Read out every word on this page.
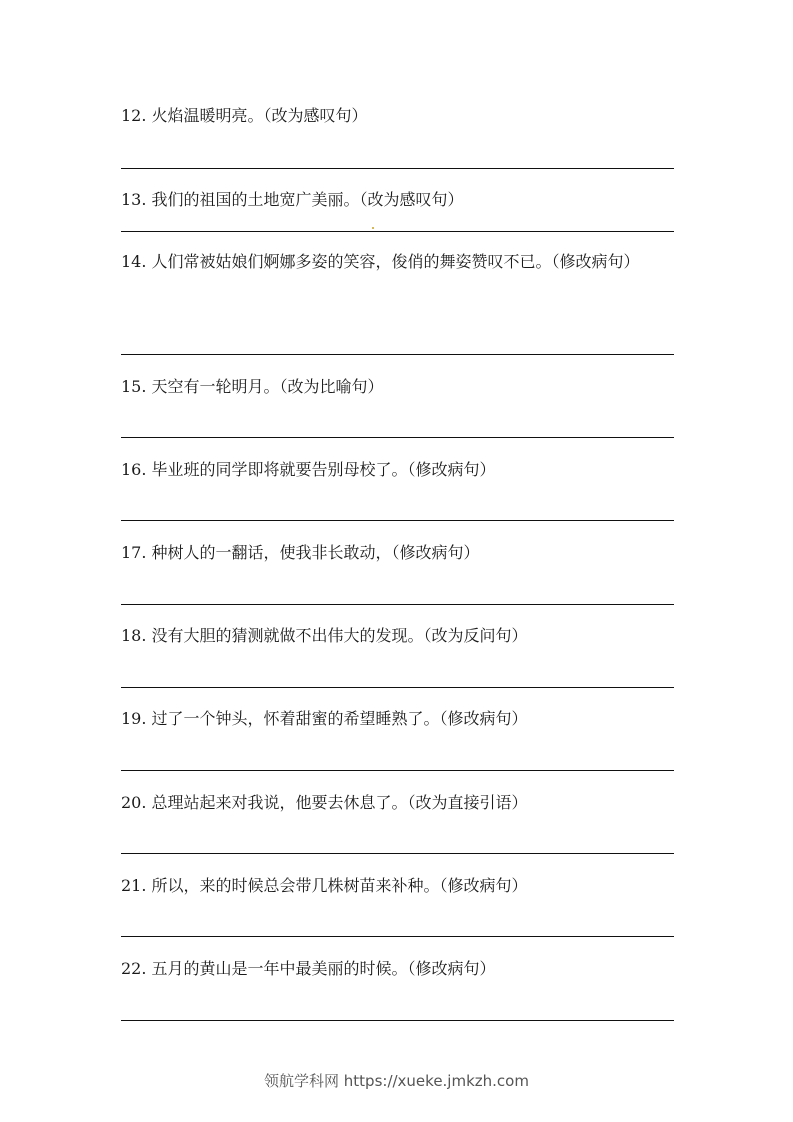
12. 火焰温暖明亮。（改为感叹句）
13. 我们的祖国的土地宽广美丽。（改为感叹句）
14. 人们常被姑娘们婀娜多姿的笑容，俊俏的舞姿赞叹不已。（修改病句）
15. 天空有一轮明月。（改为比喻句）
16. 毕业班的同学即将就要告别母校了。（修改病句）
17. 种树人的一翻话，使我非长敢动，（修改病句）
18. 没有大胆的猜测就做不出伟大的发现。（改为反问句）
19. 过了一个钟头，怀着甜蜜的希望睡熟了。（修改病句）
20. 总理站起来对我说，他要去休息了。（改为直接引语）
21. 所以，来的时候总会带几株树苗来补种。（修改病句）
22. 五月的黄山是一年中最美丽的时候。（修改病句）
领航学科网 https://xueke.jmkzh.com
